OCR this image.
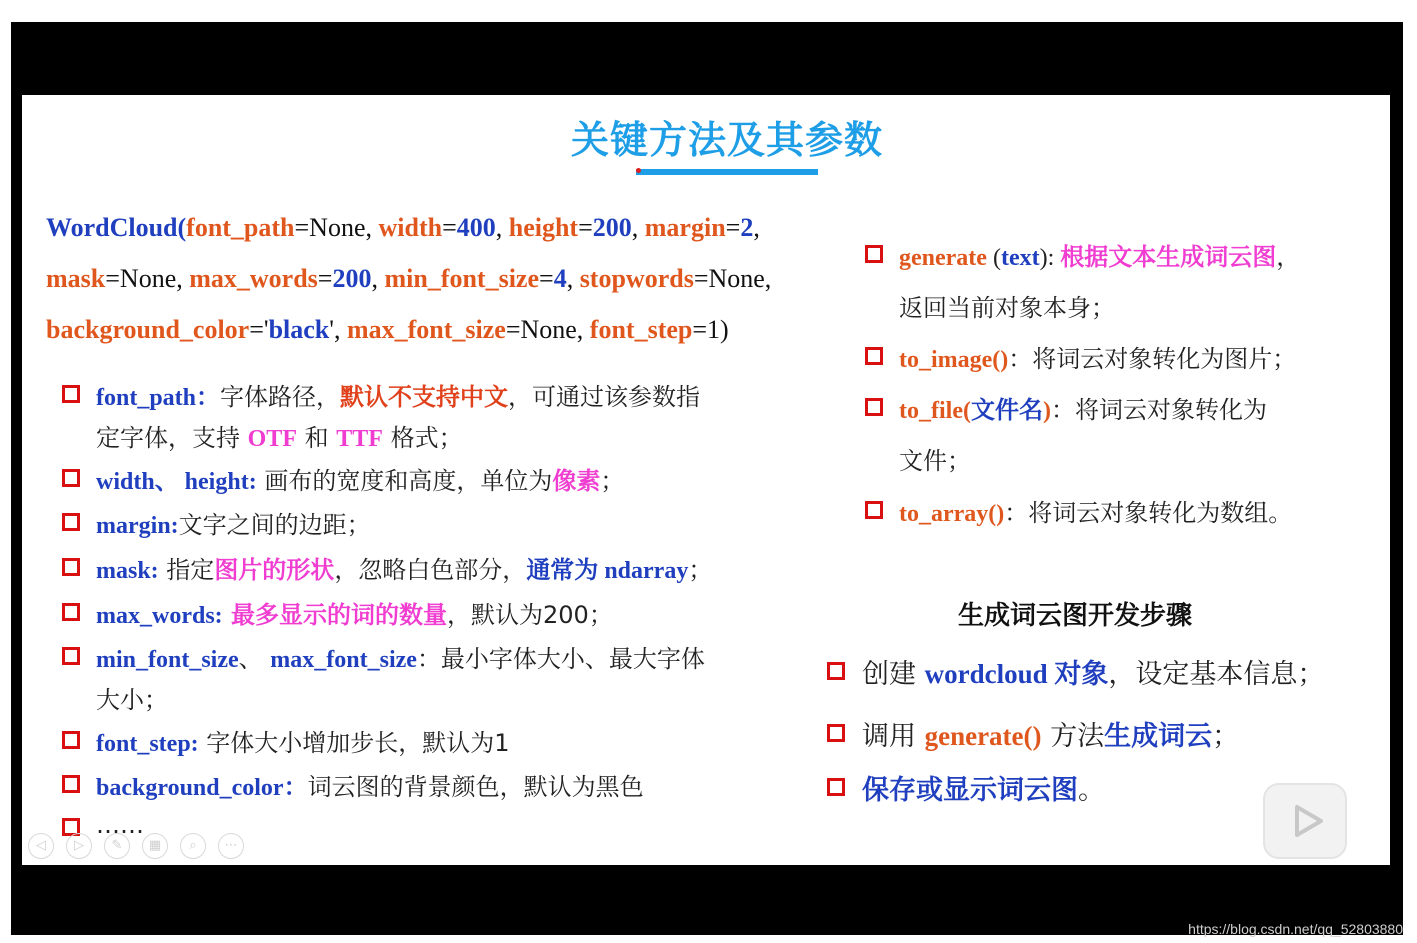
关键方法及其参数
WordCloud(font_path=None, width=400, height=200, margin=2,
mask=None, max_words=200, min_font_size=4, stopwords=None,
background_color='black', max_font_size=None, font_step=1)
font_path：字体路径，默认不支持中文，可通过该参数指
定字体，支持 OTF 和 TTF 格式；
width、 height: 画布的宽度和高度，单位为像素；
margin:文字之间的边距；
mask: 指定图片的形状，忽略白色部分，通常为 ndarray；
max_words: 最多显示的词的数量，默认为200；
min_font_size、 max_font_size：最小字体大小、最大字体
大小；
font_step: 字体大小增加步长，默认为1
background_color：词云图的背景颜色，默认为黑色
……
generate (text): 根据文本生成词云图，
返回当前对象本身；
to_image()：将词云对象转化为图片；
to_file(文件名)：将词云对象转化为
文件；
to_array()：将词云对象转化为数组。
生成词云图开发步骤
创建 wordcloud 对象，设定基本信息；
调用 generate() 方法生成词云；
保存或显示词云图。
◁	▷	✎	▦	⌕	⋯
https://blog.csdn.net/qq_52803880
